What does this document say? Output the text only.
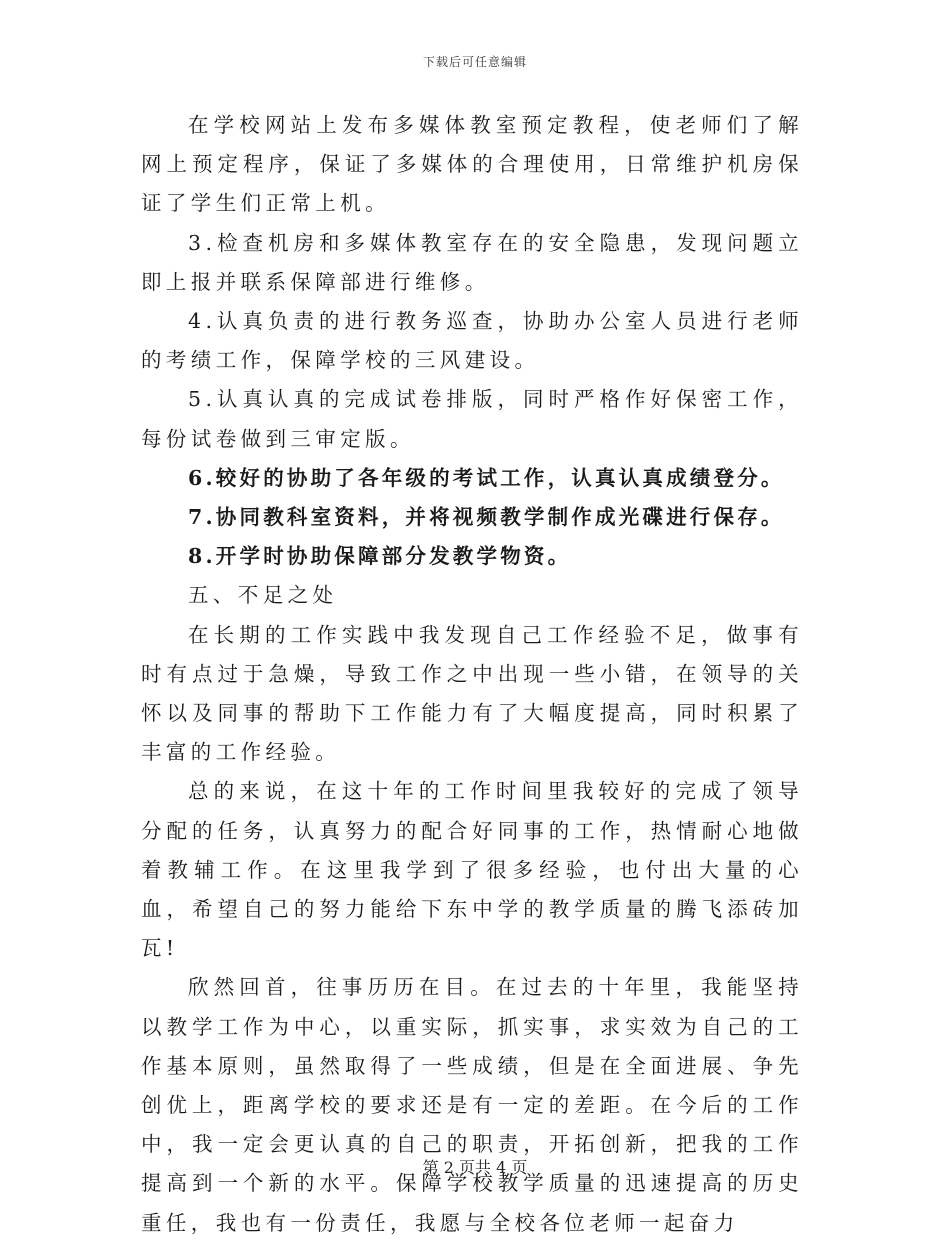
下载后可任意编辑

在学校网站上发布多媒体教室预定教程，使老师们了解网上预定程序，保证了多媒体的合理使用，日常维护机房保证了学生们正常上机。

3.检查机房和多媒体教室存在的安全隐患，发现问题立即上报并联系保障部进行维修。

4.认真负责的进行教务巡查，协助办公室人员进行老师的考绩工作，保障学校的三风建设。

5.认真认真的完成试卷排版，同时严格作好保密工作，每份试卷做到三审定版。

6.较好的协助了各年级的考试工作，认真认真成绩登分。

7.协同教科室资料，并将视频教学制作成光碟进行保存。

8.开学时协助保障部分发教学物资。

五、不足之处

在长期的工作实践中我发现自己工作经验不足，做事有时有点过于急燥，导致工作之中出现一些小错，在领导的关怀以及同事的帮助下工作能力有了大幅度提高，同时积累了丰富的工作经验。

总的来说，在这十年的工作时间里我较好的完成了领导分配的任务，认真努力的配合好同事的工作，热情耐心地做着教辅工作。在这里我学到了很多经验，也付出大量的心血，希望自己的努力能给下东中学的教学质量的腾飞添砖加瓦!

欣然回首，往事历历在目。在过去的十年里，我能坚持以教学工作为中心，以重实际，抓实事，求实效为自己的工作基本原则，虽然取得了一些成绩，但是在全面进展、争先创优上，距离学校的要求还是有一定的差距。在今后的工作中，我一定会更认真的自己的职责，开拓创新，把我的工作提高到一个新的水平。保障学校教学质量的迅速提高的历史重任，我也有一份责任，我愿与全校各位老师一起奋力

第 2 页共 4 页
